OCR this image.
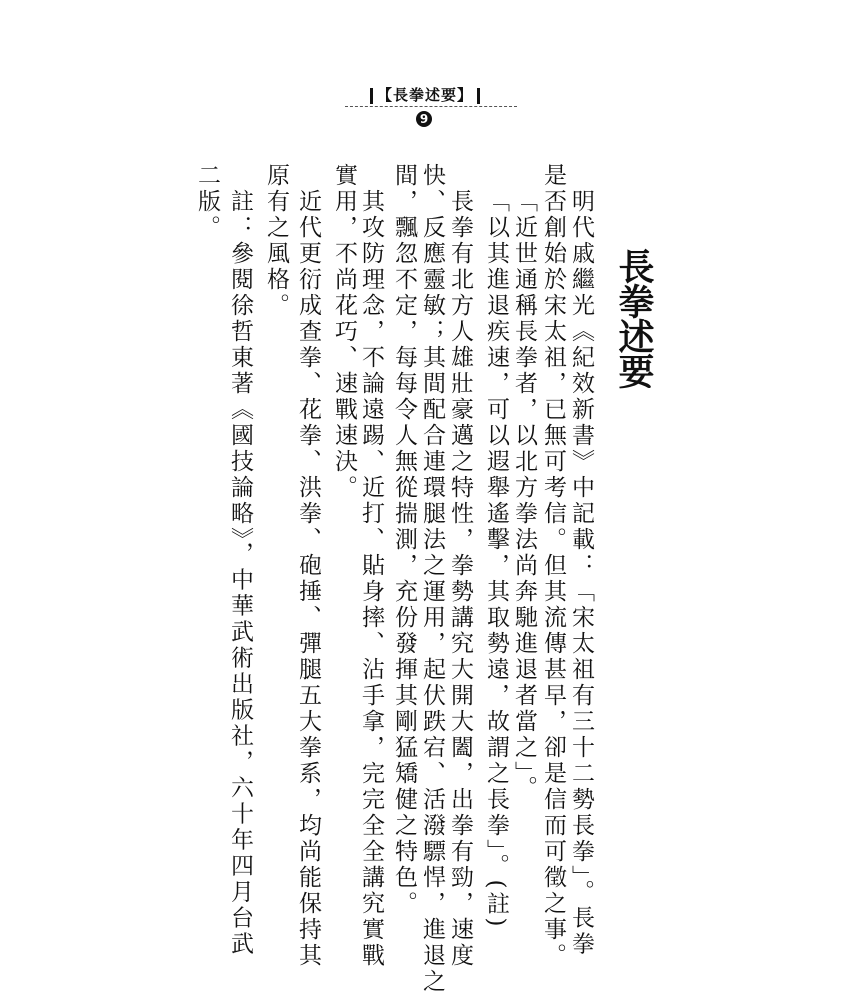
【長拳述要】
9
長拳述要
明代戚繼光《紀效新書》中記載：「宋太祖有三十二勢長拳」。長拳
是否創始於宋太祖，已無可考信。但其流傳甚早，卻是信而可徵之事。
「近世通稱長拳者，以北方拳法尚奔馳進退者當之」。
「以其進退疾速，可以遐舉遙擊，其取勢遠，故謂之長拳」。(註)
長拳有北方人雄壯豪邁之特性，拳勢講究大開大闔，出拳有勁，速度
快、反應靈敏；其間配合連環腿法之運用，起伏跌宕、活潑驃悍，進退之
間，飄忽不定，每每令人無從揣測，充份發揮其剛猛矯健之特色。
其攻防理念，不論遠踢、近打、貼身摔、沾手拿，完完全全講究實戰
實用，不尚花巧、速戰速決。
近代更衍成查拳、花拳、洪拳、砲捶、彈腿五大拳系，均尚能保持其
原有之風格。
註：參閱徐哲東著《國技論略》，中華武術出版社，六十年四月台武
二版。
